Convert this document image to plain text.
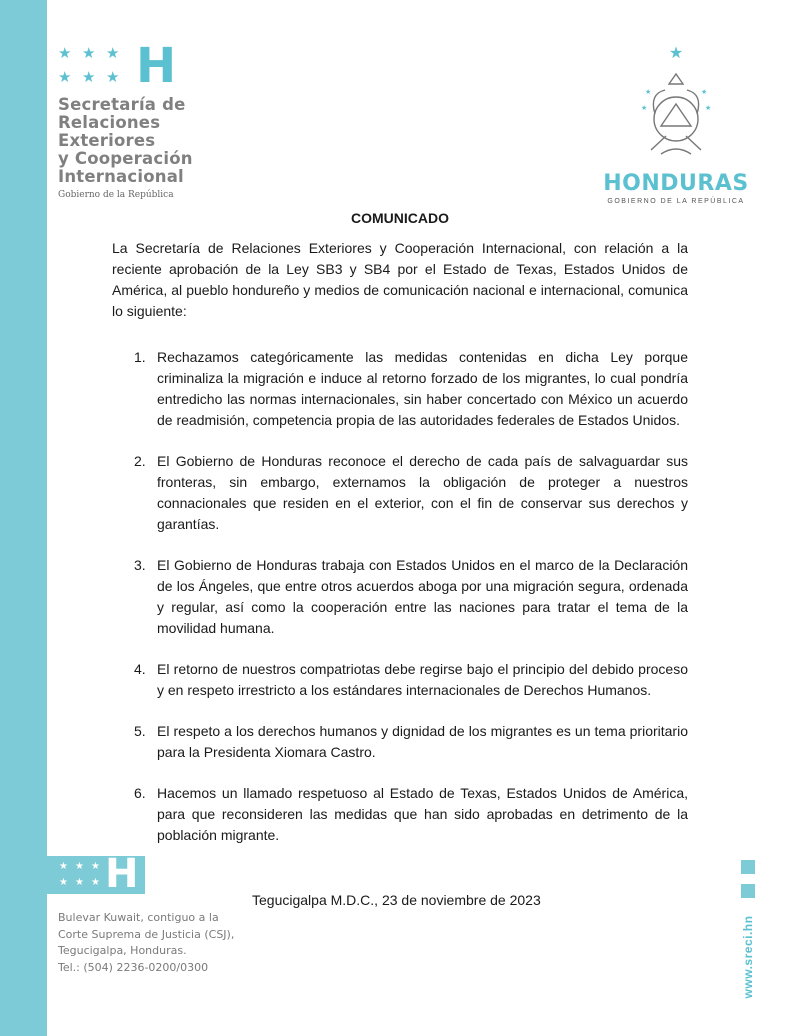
★ ★ ★
★ ★ ★ H
Secretaría de
Relaciones
Exteriores
y Cooperación
Internacional
Gobierno de la República
★
★	★
★	★
HONDURAS
GOBIERNO DE LA REPÚBLICA
COMUNICADO
La Secretaría de Relaciones Exteriores y Cooperación Internacional, con relación a la reciente aprobación de la Ley SB3 y SB4 por el Estado de Texas, Estados Unidos de América, al pueblo hondureño y medios de comunicación nacional e internacional, comunica lo siguiente:
1. Rechazamos categóricamente las medidas contenidas en dicha Ley porque criminaliza la migración e induce al retorno forzado de los migrantes, lo cual pondría entredicho las normas internacionales, sin haber concertado con México un acuerdo de readmisión, competencia propia de las autoridades federales de Estados Unidos.
2. El Gobierno de Honduras reconoce el derecho de cada país de salvaguardar sus fronteras, sin embargo, externamos la obligación de proteger a nuestros connacionales que residen en el exterior, con el fin de conservar sus derechos y garantías.
3. El Gobierno de Honduras trabaja con Estados Unidos en el marco de la Declaración de los Ángeles, que entre otros acuerdos aboga por una migración segura, ordenada y regular, así como la cooperación entre las naciones para tratar el tema de la movilidad humana.
4. El retorno de nuestros compatriotas debe regirse bajo el principio del debido proceso y en respeto irrestricto a los estándares internacionales de Derechos Humanos.
5. El respeto a los derechos humanos y dignidad de los migrantes es un tema prioritario para la Presidenta Xiomara Castro.
6. Hacemos un llamado respetuoso al Estado de Texas, Estados Unidos de América, para que reconsideren las medidas que han sido aprobadas en detrimento de la población migrante.
★ ★ ★
★ ★ ★ H
Tegucigalpa M.D.C., 23 de noviembre de 2023
Bulevar Kuwait, contiguo a la
Corte Suprema de Justicia (CSJ),
Tegucigalpa, Honduras.
Tel.: (504) 2236-0200/0300	www.sreci.hn
